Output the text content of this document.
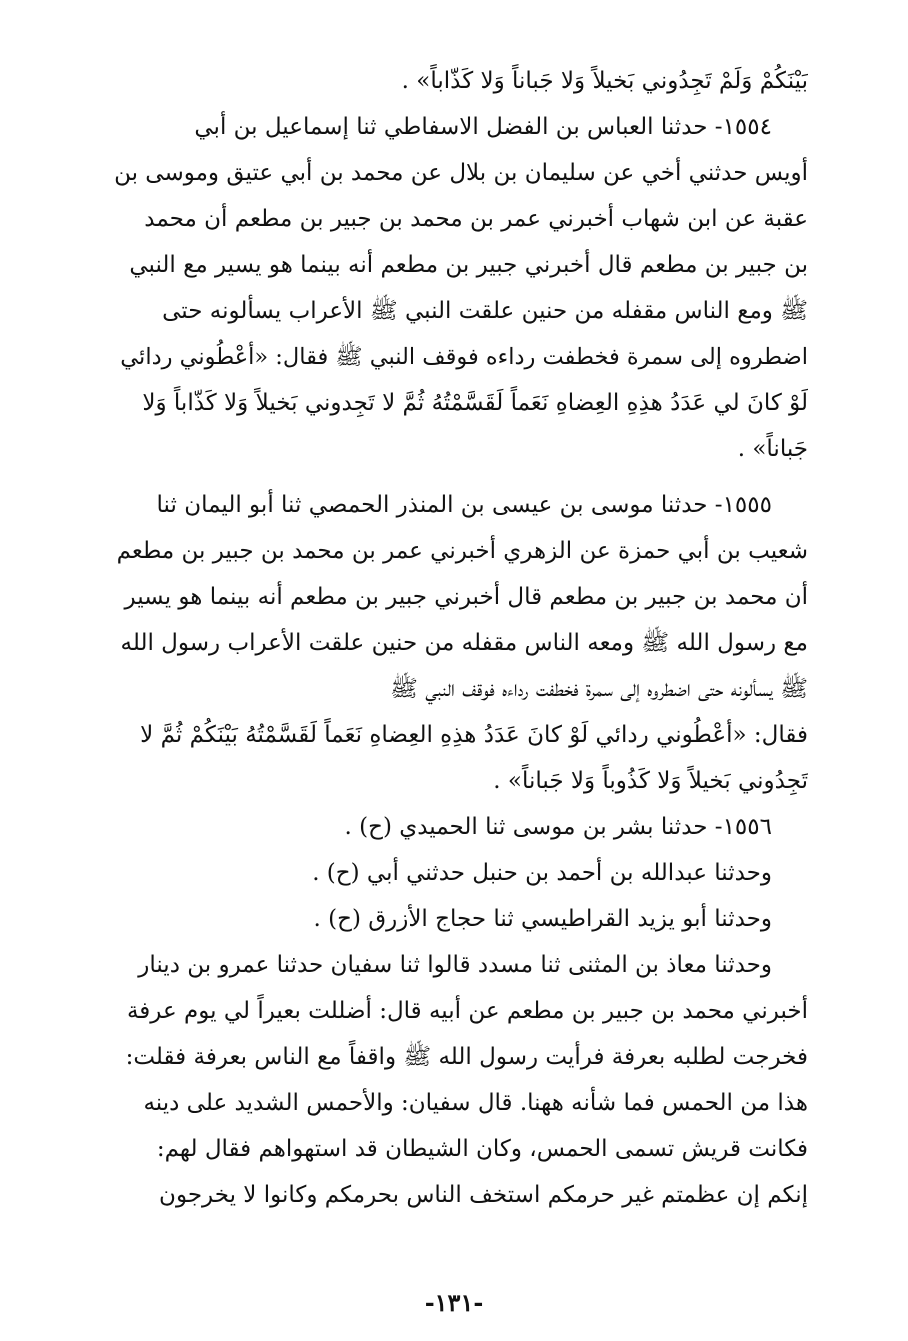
بَيْنَكُمْ وَلَمْ تَجِدُوني بَخيلاً وَلا جَباناً وَلا كَذّاباً» .
١٥٥٤- حدثنا العباس بن الفضل الاسفاطي ثنا إسماعيل بن أبي
أويس حدثني أخي عن سليمان بن بلال عن محمد بن أبي عتيق وموسى بن
عقبة عن ابن شهاب أخبرني عمر بن محمد بن جبير بن مطعم أن محمد
بن جبير بن مطعم قال أخبرني جبير بن مطعم أنه بينما هو يسير مع النبي
ﷺ ومع الناس مقفله من حنين علقت النبي ﷺ الأعراب يسألونه حتى
اضطروه إلى سمرة فخطفت رداءه فوقف النبي ﷺ فقال: «أعْطُوني ردائي
لَوْ كانَ لي عَدَدُ هذِهِ العِضاهِ نَعَماً لَقَسَّمْتُهُ ثُمَّ لا تَجِدوني بَخيلاً وَلا كَذّاباً وَلا
جَباناً» .
١٥٥٥- حدثنا موسى بن عيسى بن المنذر الحمصي ثنا أبو اليمان ثنا
شعيب بن أبي حمزة عن الزهري أخبرني عمر بن محمد بن جبير بن مطعم
أن محمد بن جبير بن مطعم قال أخبرني جبير بن مطعم أنه بينما هو يسير
مع رسول الله ﷺ ومعه الناس مقفله من حنين علقت الأعراب رسول الله
ﷺ يسألونه حتى اضطروه إلى سمرة فخطفت رداءه فوقف النبي ﷺ
فقال: «أعْطُوني ردائي لَوْ كانَ عَدَدُ هذِهِ العِضاهِ نَعَماً لَقَسَّمْتُهُ بَيْنَكُمْ ثُمَّ لا
تَجِدُوني بَخيلاً وَلا كَذُوباً وَلا جَباناً» .
١٥٥٦- حدثنا بشر بن موسى ثنا الحميدي (ح) .
وحدثنا عبدالله بن أحمد بن حنبل حدثني أبي (ح) .
وحدثنا أبو يزيد القراطيسي ثنا حجاج الأزرق (ح) .
وحدثنا معاذ بن المثنى ثنا مسدد قالوا ثنا سفيان حدثنا عمرو بن دينار
أخبرني محمد بن جبير بن مطعم عن أبيه قال: أضللت بعيراً لي يوم عرفة
فخرجت لطلبه بعرفة فرأيت رسول الله ﷺ واقفاً مع الناس بعرفة فقلت:
هذا من الحمس فما شأنه ههنا. قال سفيان: والأحمس الشديد على دينه
فكانت قريش تسمى الحمس، وكان الشيطان قد استهواهم فقال لهم:
إنكم إن عظمتم غير حرمكم استخف الناس بحرمكم وكانوا لا يخرجون
-١٣١-
